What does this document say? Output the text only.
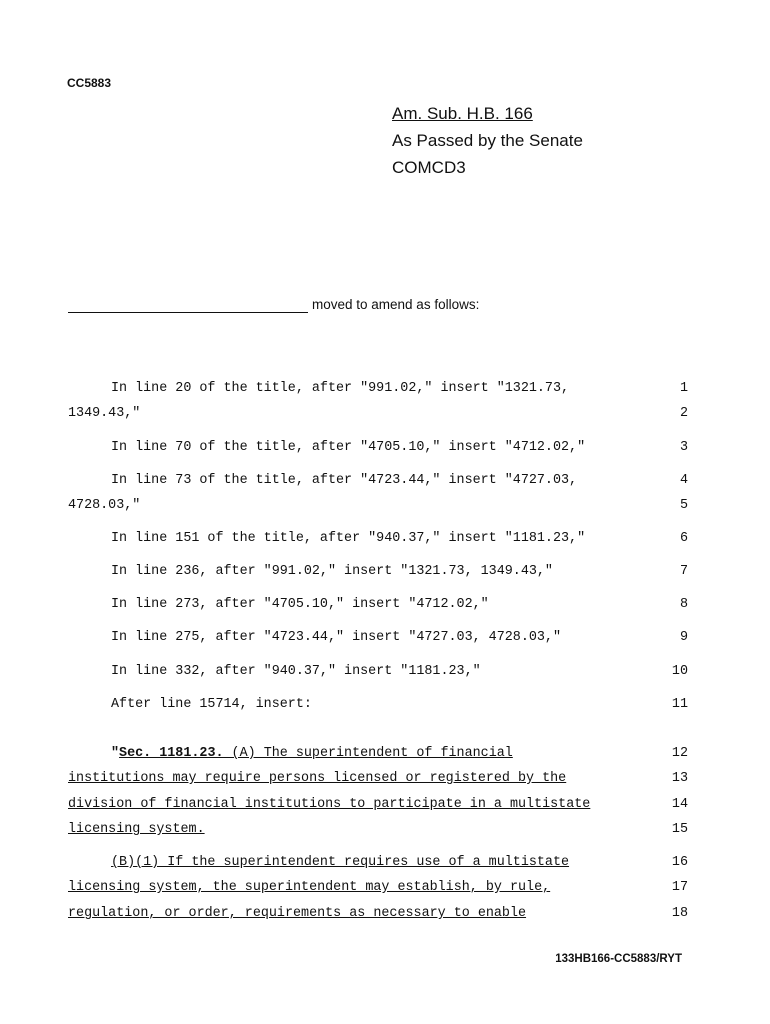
CC5883
Am. Sub. H.B. 166
As Passed by the Senate
COMCD3
moved to amend as follows:
In line 20 of the title, after "991.02," insert "1321.73,	1
1349.43,"	2
In line 70 of the title, after "4705.10," insert "4712.02,"	3
In line 73 of the title, after "4723.44," insert "4727.03,	4
4728.03,"	5
In line 151 of the title, after "940.37," insert "1181.23,"	6
In line 236, after "991.02," insert "1321.73, 1349.43,"	7
In line 273, after "4705.10," insert "4712.02,"	8
In line 275, after "4723.44," insert "4727.03, 4728.03,"	9
In line 332, after "940.37," insert "1181.23,"	10
After line 15714, insert:	11
"Sec. 1181.23. (A) The superintendent of financial	12
institutions may require persons licensed or registered by the	13
division of financial institutions to participate in a multistate	14
licensing system.	15
(B)(1) If the superintendent requires use of a multistate	16
licensing system, the superintendent may establish, by rule,	17
regulation, or order, requirements as necessary to enable	18
133HB166-CC5883/RYT
